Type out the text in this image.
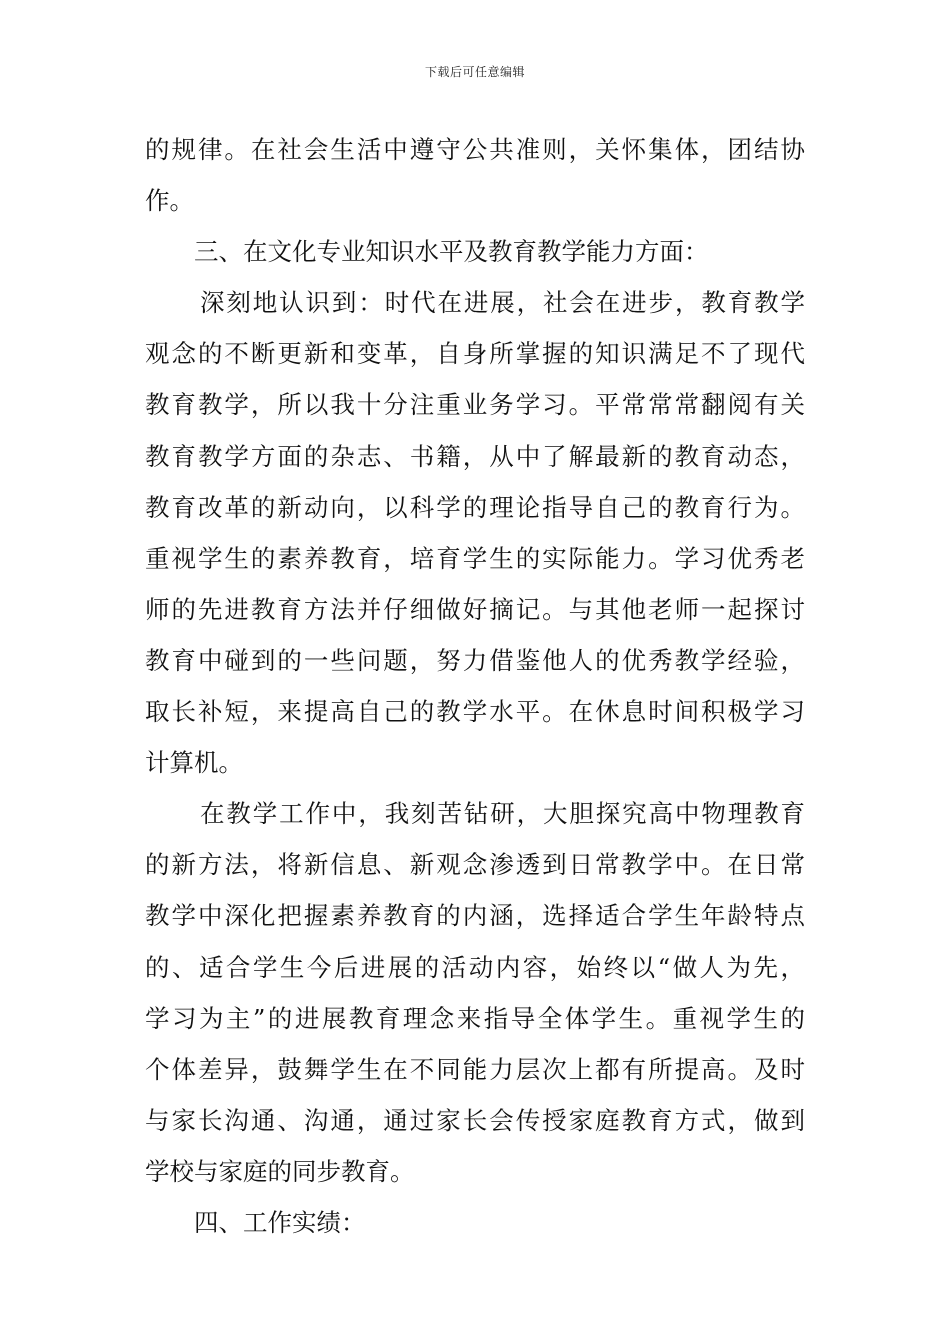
下载后可任意编辑
的规律。在社会生活中遵守公共准则，关怀集体，团结协
作。
三、在文化专业知识水平及教育教学能力方面：
深刻地认识到：时代在进展，社会在进步，教育教学
观念的不断更新和变革，自身所掌握的知识满足不了现代
教育教学，所以我十分注重业务学习。平常常常翻阅有关
教育教学方面的杂志、书籍，从中了解最新的教育动态，
教育改革的新动向，以科学的理论指导自己的教育行为。
重视学生的素养教育，培育学生的实际能力。学习优秀老
师的先进教育方法并仔细做好摘记。与其他老师一起探讨
教育中碰到的一些问题，努力借鉴他人的优秀教学经验，
取长补短，来提高自己的教学水平。在休息时间积极学习
计算机。
在教学工作中，我刻苦钻研，大胆探究高中物理教育
的新方法，将新信息、新观念渗透到日常教学中。在日常
教学中深化把握素养教育的内涵，选择适合学生年龄特点
的、适合学生今后进展的活动内容，始终以“做人为先，
学习为主”的进展教育理念来指导全体学生。重视学生的
个体差异，鼓舞学生在不同能力层次上都有所提高。及时
与家长沟通、沟通，通过家长会传授家庭教育方式，做到
学校与家庭的同步教育。
四、工作实绩：
